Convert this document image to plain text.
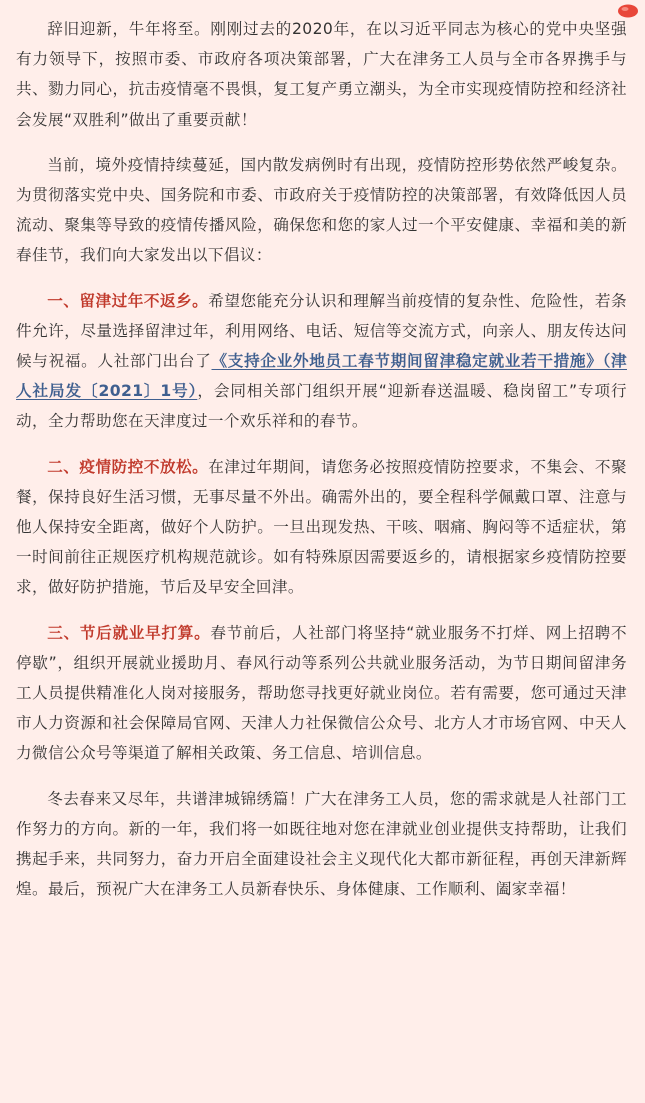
辞旧迎新，牛年将至。刚刚过去的2020年，在以习近平同志为核心的党中央坚强有力领导下，按照市委、市政府各项决策部署，广大在津务工人员与全市各界携手与共、勠力同心，抗击疫情毫不畏惧，复工复产勇立潮头，为全市实现疫情防控和经济社会发展“双胜利”做出了重要贡献！

当前，境外疫情持续蔓延，国内散发病例时有出现，疫情防控形势依然严峻复杂。为贯彻落实党中央、国务院和市委、市政府关于疫情防控的决策部署，有效降低因人员流动、聚集等导致的疫情传播风险，确保您和您的家人过一个平安健康、幸福和美的新春佳节，我们向大家发出以下倡议：

一、留津过年不返乡。希望您能充分认识和理解当前疫情的复杂性、危险性，若条件允许，尽量选择留津过年，利用网络、电话、短信等交流方式，向亲人、朋友传达问候与祝福。人社部门出台了《支持企业外地员工春节期间留津稳定就业若干措施》（津人社局发〔2021〕1号），会同相关部门组织开展“迎新春送温暖、稳岗留工”专项行动，全力帮助您在天津度过一个欢乐祥和的春节。

二、疫情防控不放松。在津过年期间，请您务必按照疫情防控要求，不集会、不聚餐，保持良好生活习惯，无事尽量不外出。确需外出的，要全程科学佩戴口罩、注意与他人保持安全距离，做好个人防护。一旦出现发热、干咳、咽痛、胸闷等不适症状，第一时间前往正规医疗机构规范就诊。如有特殊原因需要返乡的，请根据家乡疫情防控要求，做好防护措施，节后及早安全回津。

三、节后就业早打算。春节前后，人社部门将坚持“就业服务不打烊、网上招聘不停歇”，组织开展就业援助月、春风行动等系列公共就业服务活动，为节日期间留津务工人员提供精准化人岗对接服务，帮助您寻找更好就业岗位。若有需要，您可通过天津市人力资源和社会保障局官网、天津人力社保微信公众号、北方人才市场官网、中天人力微信公众号等渠道了解相关政策、务工信息、培训信息。

冬去春来又尽年，共谱津城锦绣篇！广大在津务工人员，您的需求就是人社部门工作努力的方向。新的一年，我们将一如既往地对您在津就业创业提供支持帮助，让我们携起手来，共同努力，奋力开启全面建设社会主义现代化大都市新征程，再创天津新辉煌。最后，预祝广大在津务工人员新春快乐、身体健康、工作顺利、阖家幸福！
